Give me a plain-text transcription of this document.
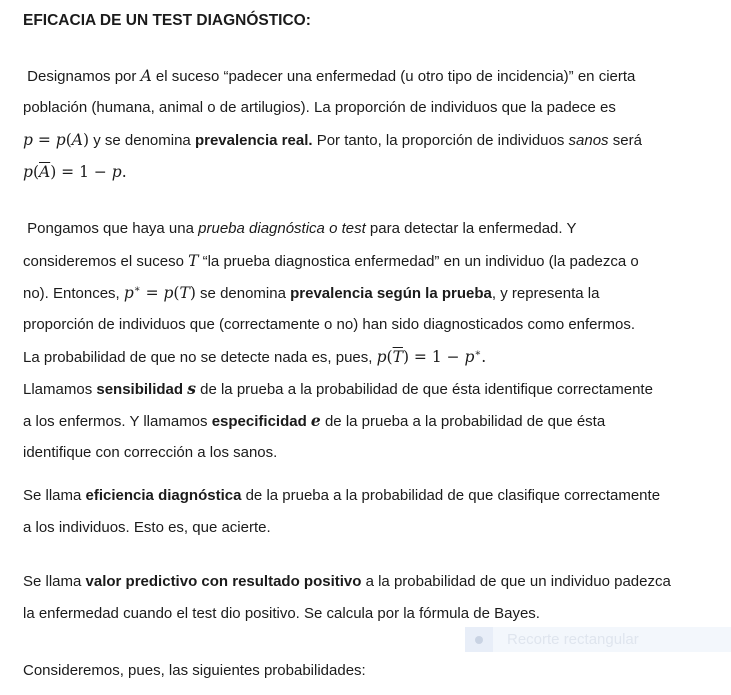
EFICACIA DE UN TEST DIAGNÓSTICO:
Designamos por A el suceso “padecer una enfermedad (u otro tipo de incidencia)” en cierta
población (humana, animal o de artilugios). La proporción de individuos que la padece es
p = p(A) y se denomina prevalencia real. Por tanto, la proporción de individuos sanos será
$p(\overline{A}) = 1 - p$.
Pongamos que haya una prueba diagnóstica o test para detectar la enfermedad. Y
consideremos el suceso T “la prueba diagnostica enfermedad” en un individuo (la padezca o
no). Entonces, p∗ = p(T) se denomina prevalencia según la prueba, y representa la
proporción de individuos que (correctamente o no) han sido diagnosticados como enfermos.
La probabilidad de que no se detecte nada es, pues, $p(\overline{T}) = 1 - p^∗$.
Llamamos sensibilidad s de la prueba a la probabilidad de que ésta identifique correctamente
a los enfermos. Y llamamos especificidad e de la prueba a la probabilidad de que ésta
identifique con corrección a los sanos.
Se llama eficiencia diagnóstica de la prueba a la probabilidad de que clasifique correctamente
a los individuos. Esto es, que acierte.
Se llama valor predictivo con resultado positivo a la probabilidad de que un individuo padezca
la enfermedad cuando el test dio positivo. Se calcula por la fórmula de Bayes.
Consideremos, pues, las siguientes probabilidades:
Recorte rectangular
